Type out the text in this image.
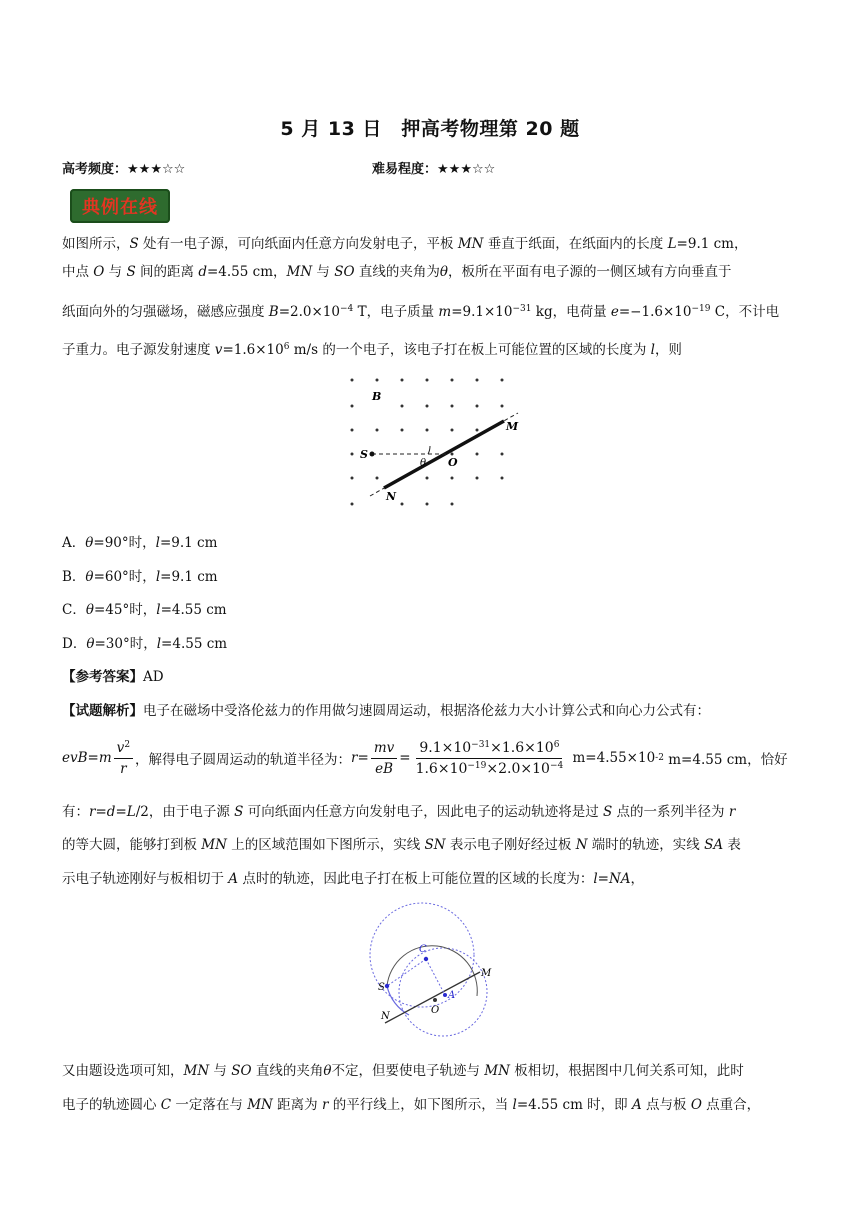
5 月 13 日　押高考物理第 20 题
高考频度：★★★☆☆	难易程度：★★★☆☆
典例在线
如图所示，S 处有一电子源，可向纸面内任意方向发射电子，平板 MN 垂直于纸面，在纸面内的长度 L=9.1 cm，
中点 O 与 S 间的距离 d=4.55 cm，MN 与 SO 直线的夹角为θ，板所在平面有电子源的一侧区域有方向垂直于
纸面向外的匀强磁场，磁感应强度 $B=2.0\times 10^{-4}$ T，电子质量 $m=9.1\times 10^{-31}$ kg，电荷量 $e=-1.6\times 10^{-19}$ C，不计电
子重力。电子源发射速度 $v=1.6\times 10^6$ m/s 的一个电子，该电子打在板上可能位置的区域的长度为 l，则
B
M
S
θ O
N
A．θ=90°时，l=9.1 cm
B．θ=60°时，l=9.1 cm
C．θ=45°时，l=4.55 cm
D．θ=30°时，l=4.55 cm
【参考答案】AD
【试题解析】电子在磁场中受洛伦兹力的作用做匀速圆周运动，根据洛伦兹力大小计算公式和向心力公式有：
evB = m $\frac{v^2}{r}$ ，解得电子圆周运动的轨道半径为： $r = \frac{mv}{eB} = \frac{9.1\times 10^{-31}\times 1.6\times 10^6}{1.6\times 10^{-19}\times 2.0\times 10^{-4}} m=4.55\times 10$ -2 m=4.55 cm，恰好
有：r=d=L/2，由于电子源 S 可向纸面内任意方向发射电子，因此电子的运动轨迹将是过 S 点的一系列半径为 r
的等大圆，能够打到板 MN 上的区域范围如下图所示，实线 SN 表示电子刚好经过板 N 端时的轨迹，实线 SA 表
示电子轨迹刚好与板相切于 A 点时的轨迹，因此电子打在板上可能位置的区域的长度为：l=NA，
C
M
S
O
A
N
又由题设选项可知，MN 与 SO 直线的夹角θ不定，但要使电子轨迹与 MN 板相切，根据图中几何关系可知，此时
电子的轨迹圆心 C 一定落在与 MN 距离为 r 的平行线上，如下图所示，当 l=4.55 cm 时，即 A 点与板 O 点重合，
